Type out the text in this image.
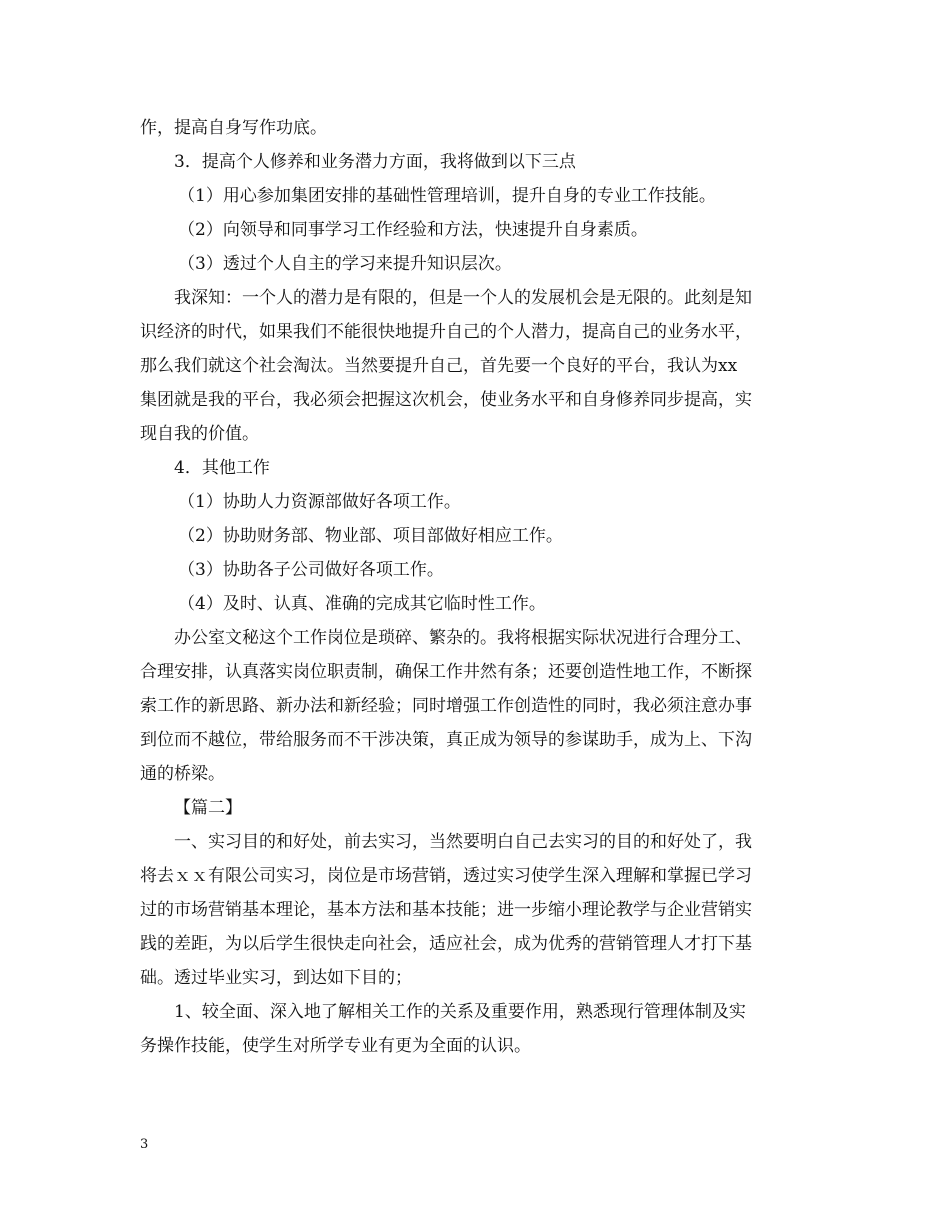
作，提高自身写作功底。

3．提高个人修养和业务潜力方面，我将做到以下三点

（1）用心参加集团安排的基础性管理培训，提升自身的专业工作技能。

（2）向领导和同事学习工作经验和方法，快速提升自身素质。

（3）透过个人自主的学习来提升知识层次。

我深知：一个人的潜力是有限的，但是一个人的发展机会是无限的。此刻是知

识经济的时代，如果我们不能很快地提升自己的个人潜力，提高自己的业务水平，

那么我们就这个社会淘汰。当然要提升自己，首先要一个良好的平台，我认为xx

集团就是我的平台，我必须会把握这次机会，使业务水平和自身修养同步提高，实

现自我的价值。

4．其他工作

（1）协助人力资源部做好各项工作。

（2）协助财务部、物业部、项目部做好相应工作。

（3）协助各子公司做好各项工作。

（4）及时、认真、准确的完成其它临时性工作。

办公室文秘这个工作岗位是琐碎、繁杂的。我将根据实际状况进行合理分工、

合理安排，认真落实岗位职责制，确保工作井然有条；还要创造性地工作，不断探

索工作的新思路、新办法和新经验；同时增强工作创造性的同时，我必须注意办事

到位而不越位，带给服务而不干涉决策，真正成为领导的参谋助手，成为上、下沟

通的桥梁。

【篇二】

一、实习目的和好处，前去实习，当然要明白自己去实习的目的和好处了，我

将去ｘｘ有限公司实习，岗位是市场营销，透过实习使学生深入理解和掌握已学习

过的市场营销基本理论，基本方法和基本技能；进一步缩小理论教学与企业营销实

践的差距，为以后学生很快走向社会，适应社会，成为优秀的营销管理人才打下基

础。透过毕业实习，到达如下目的；

1、较全面、深入地了解相关工作的关系及重要作用，熟悉现行管理体制及实

务操作技能，使学生对所学专业有更为全面的认识。

3
